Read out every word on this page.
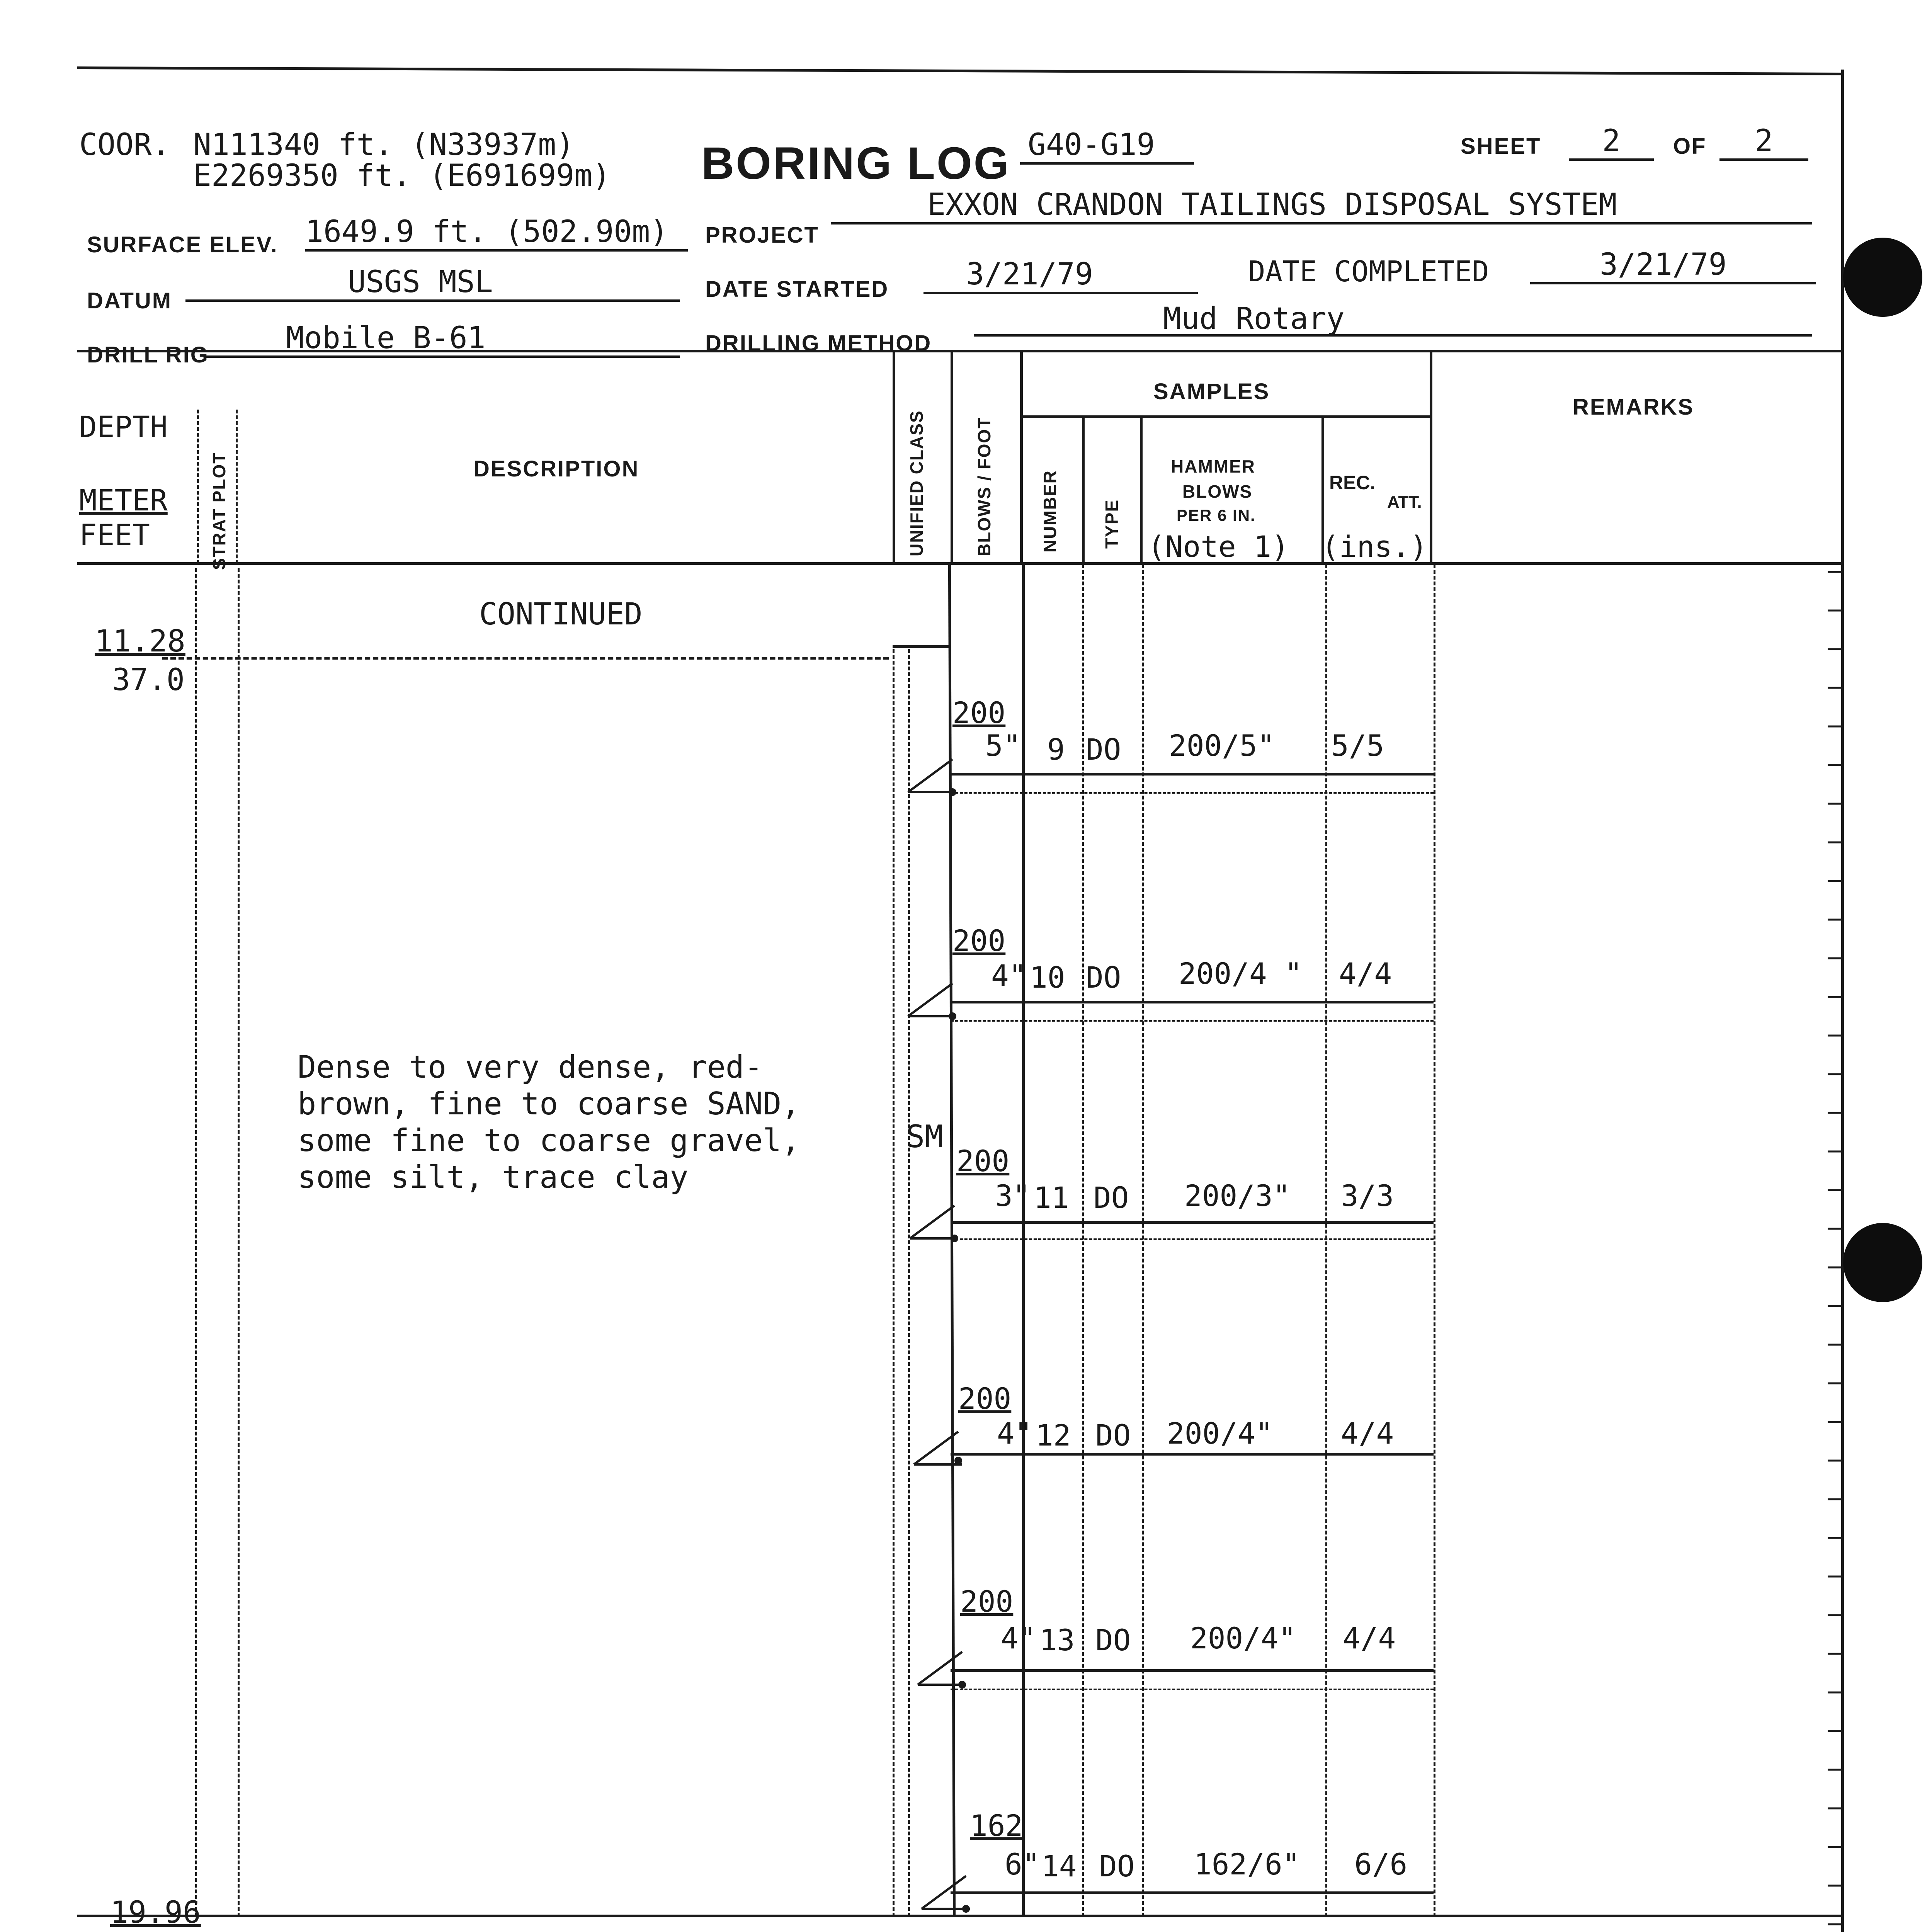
COOR. N111340 ft. (N33937m)
E2269350 ft. (E691699m) BORING LOG G40-G19	SHEET	2	OF	2
SURFACE ELEV. 1649.9 ft. (502.90m)	PROJECT
EXXON CRANDON TAILINGS DISPOSAL SYSTEM
DATUM
USGS MSL	DATE STARTED	3/21/79	DATE COMPLETED	3/21/79
DRILL RIG	Mobile B-61	DRILLING METHOD
Mud Rotary
DEPTH
METER
FEET	STRAT PLOT	DESCRIPTION	UNIFIED CLASS	BLOWS / FOOT
SAMPLES
NUMBER TYPE
HAMMER
BLOWS
PER 6 IN.
(Note 1)
REC.
ATT.
(ins.)
REMARKS
CONTINUED
11.28
37.0
Dense to very dense, red-
brown, fine to coarse SAND,
some fine to coarse gravel,
some silt, trace clay
SM
200
5" 9 DO 200/5" 5/5
200
4" 10 DO 200/4 " 4/4
200
3" 11 DO 200/3" 3/3
200
4" 12 DO 200/4" 4/4
200
4" 13 DO 200/4" 4/4
162
6" 14 DO 162/6" 6/6
19.96
